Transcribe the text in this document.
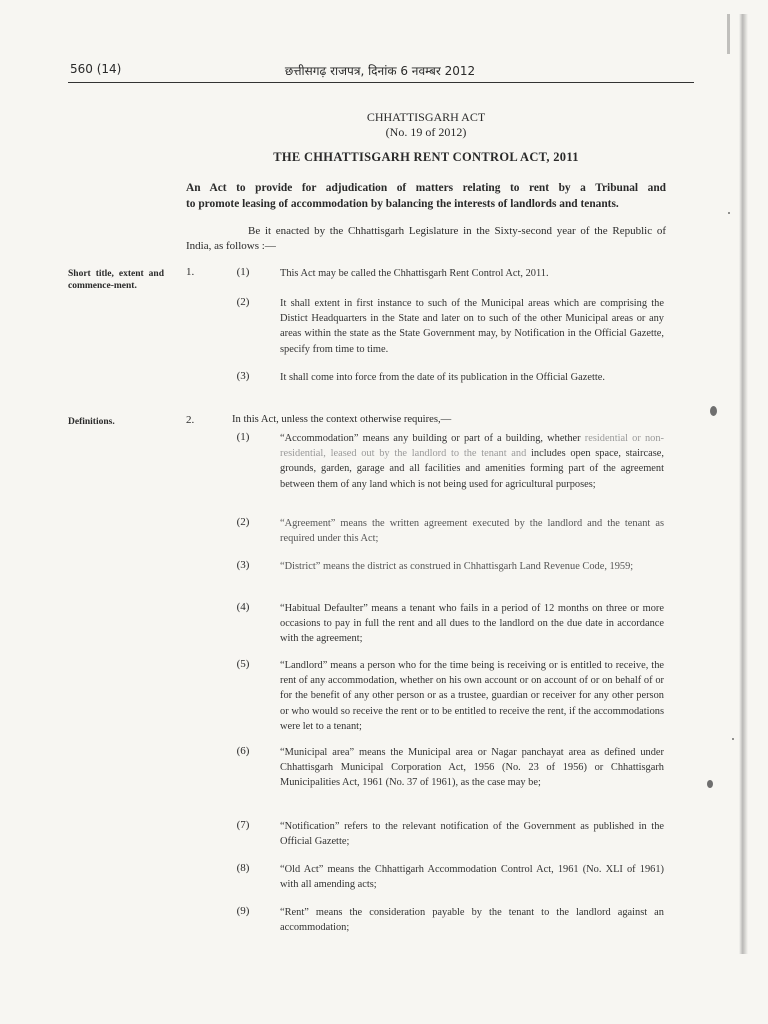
560 (14)	छत्तीसगढ़ राजपत्र, दिनांक 6 नवम्बर 2012
CHHATTISGARH ACT
(No. 19 of 2012)
THE CHHATTISGARH RENT CONTROL ACT, 2011
An Act to provide for adjudication of matters relating to rent by a Tribunal and
to promote leasing of accommodation by balancing the interests of landlords and tenants.
Be it enacted by the Chhattisgarh Legislature in the Sixty-second year of the Republic of India, as follows :—
Short title, extent and commence-ment.
1.	(1)	This Act may be called the Chhattisgarh Rent Control Act, 2011.
(2)	It shall extent in first instance to such of the Municipal areas which are comprising the Distict Headquarters in the State and later on to such of the other Municipal areas or any areas within the state as the State Government may, by Notification in the Official Gazette, specify from time to time.
(3)	It shall come into force from the date of its publication in the Official Gazette.
Definitions.	2.	In this Act, unless the context otherwise requires,—
(1)	“Accommodation” means any building or part of a building, whether residential or non-residential, leased out by the landlord to the tenant and includes open space, staircase, grounds, garden, garage and all facilities and amenities forming part of the agreement between them of any land which is not being used for agricultural purposes;
(2)	“Agreement” means the written agreement executed by the landlord and the tenant as required under this Act;
(3)	“District” means the district as construed in Chhattisgarh Land Revenue Code, 1959;
(4)	“Habitual Defaulter” means a tenant who fails in a period of 12 months on three or more occasions to pay in full the rent and all dues to the landlord on the due date in accordance with the agreement;
(5)	“Landlord” means a person who for the time being is receiving or is entitled to receive, the rent of any accommodation, whether on his own account or on account of or on behalf of or for the benefit of any other person or as a trustee, guardian or receiver for any other person or who would so receive the rent or to be entitled to receive the rent, if the accommodations were let to a tenant;
(6)	“Municipal area” means the Municipal area or Nagar panchayat area as defined under Chhattisgarh Municipal Corporation Act, 1956 (No. 23 of 1956) or Chhattisgarh Municipalities Act, 1961 (No. 37 of 1961), as the case may be;
(7)	“Notification” refers to the relevant notification of the Government as published in the Official Gazette;
(8)	“Old Act” means the Chhattigarh Accommodation Control Act, 1961 (No. XLI of 1961) with all amending acts;
(9)	“Rent” means the consideration payable by the tenant to the landlord against an accommodation;
